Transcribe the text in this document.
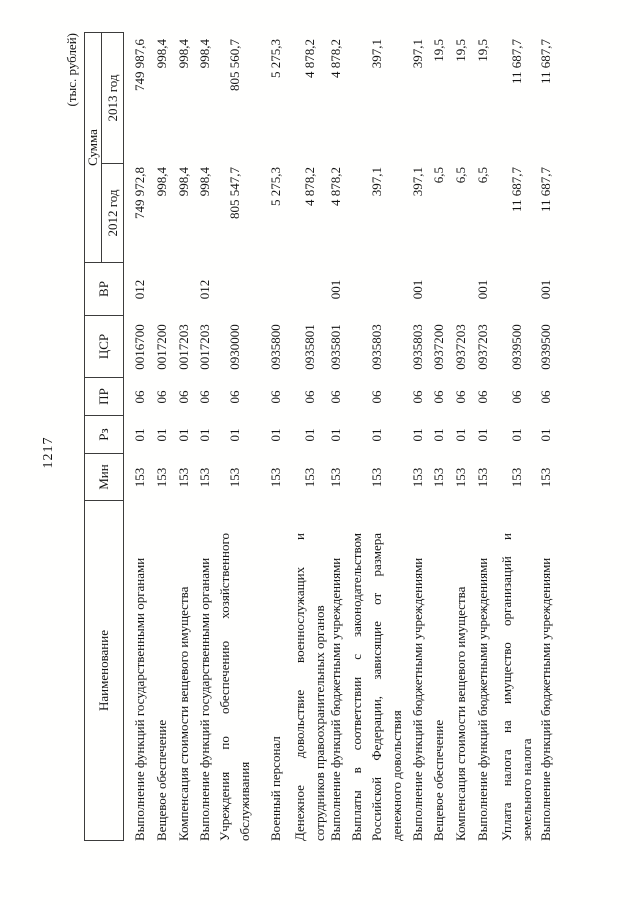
1217
(тыс. рублей)
Наименование
Мин
Рз
ПР
ЦСР
ВР
Сумма
2012 год
2013 год
Выполнение функций государственными органами
153
01
06
0016700
012
749 972,8
749 987,6
Вещевое обеспечение
153
01
06
0017200
998,4
998,4
Компенсация стоимости вещевого имущества
153
01
06
0017203
998,4
998,4
Выполнение функций государственными органами
153
01
06
0017203
012
998,4
998,4
Учреждения по обеспечению хозяйственного обслуживания
153
01
06
0930000
805 547,7
805 560,7
Военный персонал
153
01
06
0935800
5 275,3
5 275,3
Денежное довольствие военнослужащих и сотрудников правоохранительных органов
153
01
06
0935801
4 878,2
4 878,2
Выполнение функций бюджетными учреждениями
153
01
06
0935801
001
4 878,2
4 878,2
Выплаты в соответствии с законодательством Российской Федерации, зависящие от размера денежного довольствия
153
01
06
0935803
397,1
397,1
Выполнение функций бюджетными учреждениями
153
01
06
0935803
001
397,1
397,1
Вещевое обеспечение
153
01
06
0937200
6,5
19,5
Компенсация стоимости вещевого имущества
153
01
06
0937203
6,5
19,5
Выполнение функций бюджетными учреждениями
153
01
06
0937203
001
6,5
19,5
Уплата налога на имущество организаций и земельного налога
153
01
06
0939500
11 687,7
11 687,7
Выполнение функций бюджетными учреждениями
153
01
06
0939500
001
11 687,7
11 687,7
